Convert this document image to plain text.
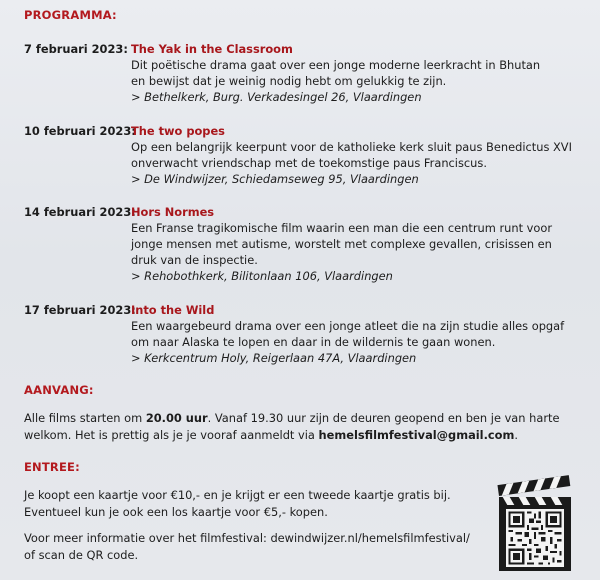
PROGRAMMA:
7 februari 2023: The Yak in the Classroom
Dit poëtische drama gaat over een jonge moderne leerkracht in Bhutan
en bewijst dat je weinig nodig hebt om gelukkig te zijn.
> Bethelkerk, Burg. Verkadesingel 26, Vlaardingen
10 februari 2023:
The two popes
Op een belangrijk keerpunt voor de katholieke kerk sluit paus Benedictus XVI
onverwacht vriendschap met de toekomstige paus Franciscus.
> De Windwijzer, Schiedamseweg 95, Vlaardingen
14 februari 2023:
Hors Normes
Een Franse tragikomische film waarin een man die een centrum runt voor
jonge mensen met autisme, worstelt met complexe gevallen, crisissen en
druk van de inspectie.
> Rehobothkerk, Bilitonlaan 106, Vlaardingen
17 februari 2023:
Into the Wild
Een waargebeurd drama over een jonge atleet die na zijn studie alles opgaf
om naar Alaska te lopen en daar in de wildernis te gaan wonen.
> Kerkcentrum Holy, Reigerlaan 47A, Vlaardingen
AANVANG:
Alle films starten om 20.00 uur. Vanaf 19.30 uur zijn de deuren geopend en ben je van harte welkom. Het is prettig als je je vooraf aanmeldt via hemelsfilmfestival@gmail.com.
ENTREE:
Je koopt een kaartje voor €10,- en je krijgt er een tweede kaartje gratis bij.
Eventueel kun je ook een los kaartje voor €5,- kopen.
Voor meer informatie over het filmfestival: dewindwijzer.nl/hemelsfilmfestival/
of scan de QR code.
